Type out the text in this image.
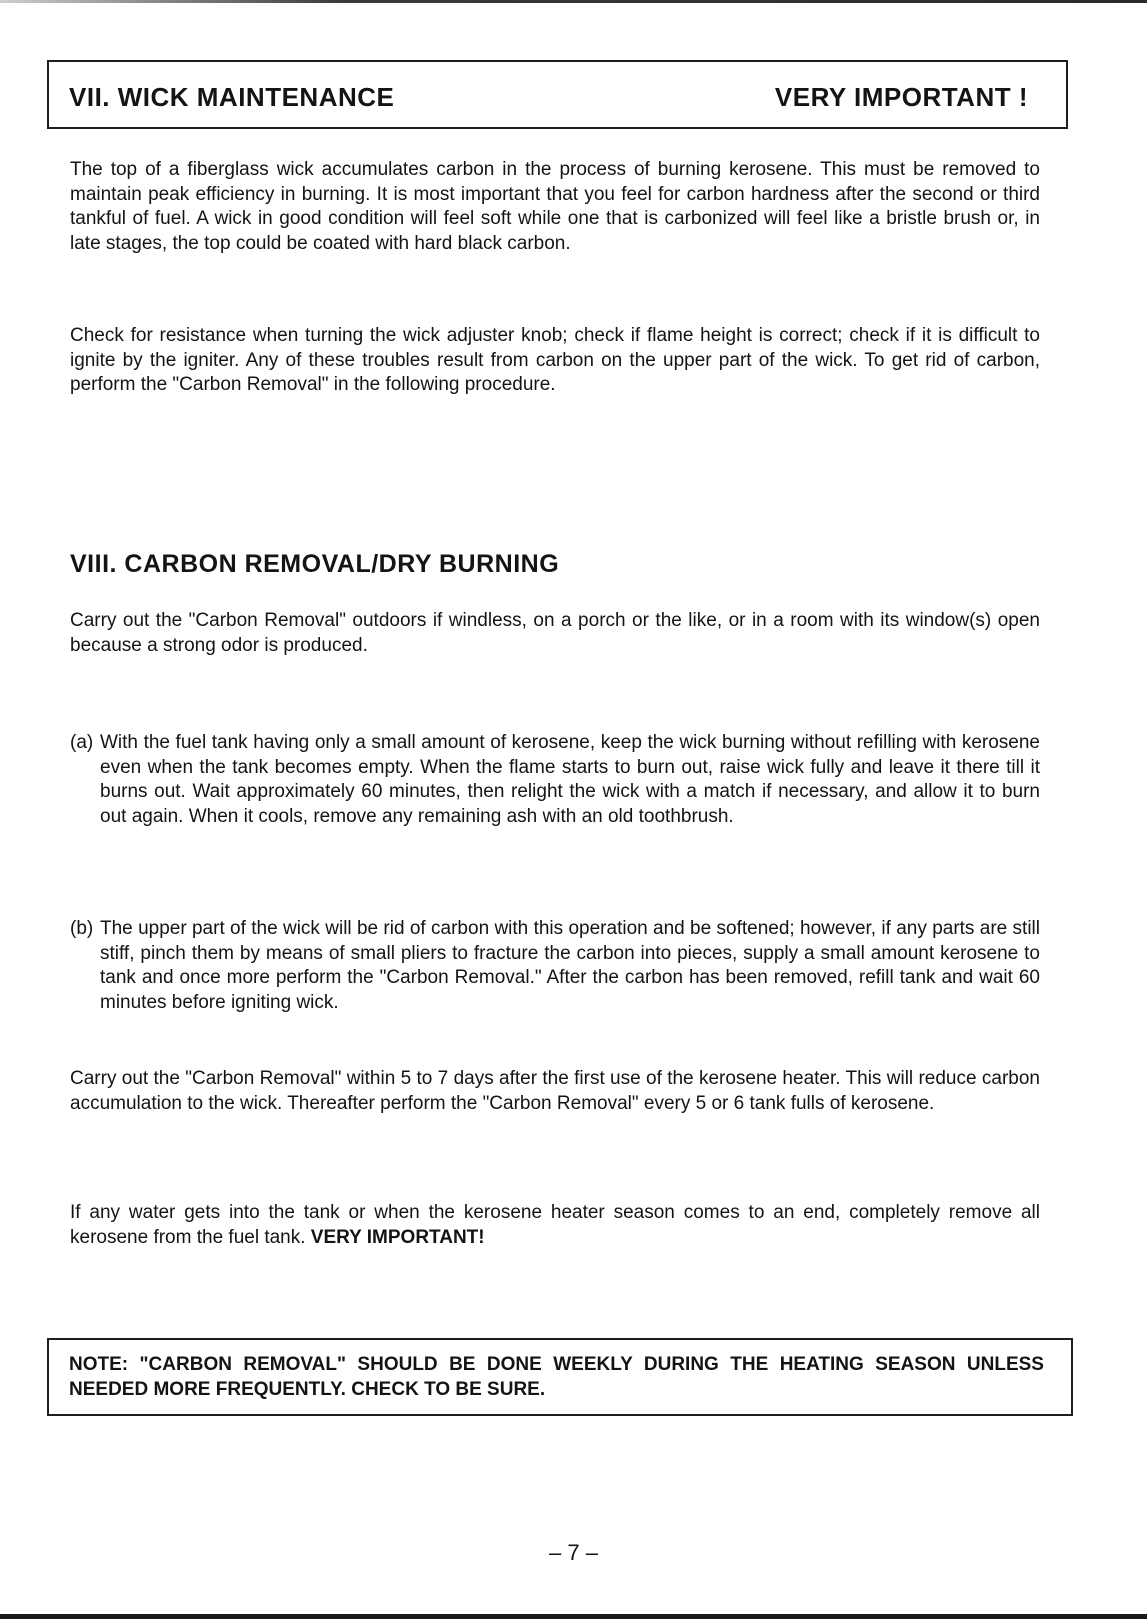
VII. WICK MAINTENANCE	VERY IMPORTANT !

The top of a fiberglass wick accumulates carbon in the process of burning kerosene. This must be removed to maintain peak efficiency in burning. It is most important that you feel for carbon hardness after the second or third tankful of fuel. A wick in good condition will feel soft while one that is carbonized will feel like a bristle brush or, in late stages, the top could be coated with hard black carbon.

Check for resistance when turning the wick adjuster knob; check if flame height is correct; check if it is difficult to ignite by the igniter. Any of these troubles result from carbon on the upper part of the wick. To get rid of carbon, perform the "Carbon Removal" in the following procedure.

VIII. CARBON REMOVAL/DRY BURNING

Carry out the "Carbon Removal" outdoors if windless, on a porch or the like, or in a room with its window(s) open because a strong odor is produced.

(a) With the fuel tank having only a small amount of kerosene, keep the wick burning without refilling with kerosene even when the tank becomes empty. When the flame starts to burn out, raise wick fully and leave it there till it burns out. Wait approximately 60 minutes, then relight the wick with a match if necessary, and allow it to burn out again. When it cools, remove any remaining ash with an old toothbrush.
(b) The upper part of the wick will be rid of carbon with this operation and be softened; however, if any parts are still stiff, pinch them by means of small pliers to fracture the carbon into pieces, supply a small amount kerosene to tank and once more perform the "Carbon Removal." After the carbon has been removed, refill tank and wait 60 minutes before igniting wick.

Carry out the "Carbon Removal" within 5 to 7 days after the first use of the kerosene heater. This will reduce carbon accumulation to the wick. Thereafter perform the "Carbon Removal" every 5 or 6 tank fulls of kerosene.

If any water gets into the tank or when the kerosene heater season comes to an end, completely remove all kerosene from the fuel tank. VERY IMPORTANT!

NOTE: "CARBON REMOVAL" SHOULD BE DONE WEEKLY DURING THE HEATING SEASON UNLESS NEEDED MORE FREQUENTLY. CHECK TO BE SURE.
– 7 –
